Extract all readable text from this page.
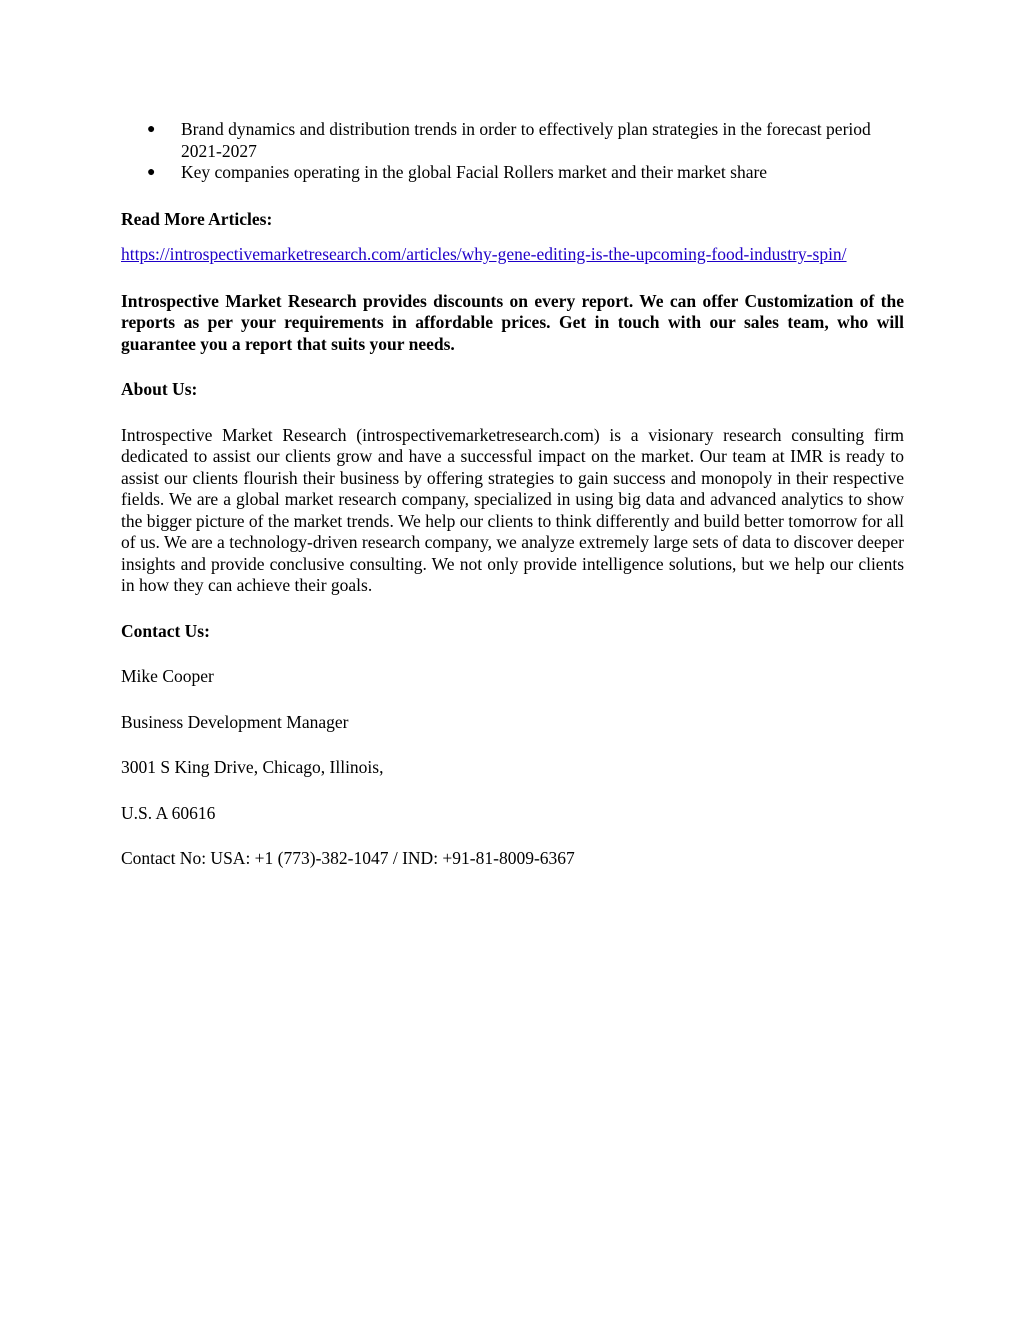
● Brand dynamics and distribution trends in order to effectively plan strategies in the forecast period 2021-2027
● Key companies operating in the global Facial Rollers market and their market share

Read More Articles:

https://introspectivemarketresearch.com/articles/why-gene-editing-is-the-upcoming-food-industry-spin/

Introspective Market Research provides discounts on every report. We can offer Customization of the reports as per your requirements in affordable prices. Get in touch with our sales team, who will guarantee you a report that suits your needs.

About Us:

Introspective Market Research (introspectivemarketresearch.com) is a visionary research consulting firm dedicated to assist our clients grow and have a successful impact on the market. Our team at IMR is ready to assist our clients flourish their business by offering strategies to gain success and monopoly in their respective fields. We are a global market research company, specialized in using big data and advanced analytics to show the bigger picture of the market trends. We help our clients to think differently and build better tomorrow for all of us. We are a technology-driven research company, we analyze extremely large sets of data to discover deeper insights and provide conclusive consulting. We not only provide intelligence solutions, but we help our clients in how they can achieve their goals.

Contact Us:

Mike Cooper

Business Development Manager

3001 S King Drive, Chicago, Illinois,

U.S. A 60616

Contact No: USA: +1 (773)-382-1047 / IND: +91-81-8009-6367
